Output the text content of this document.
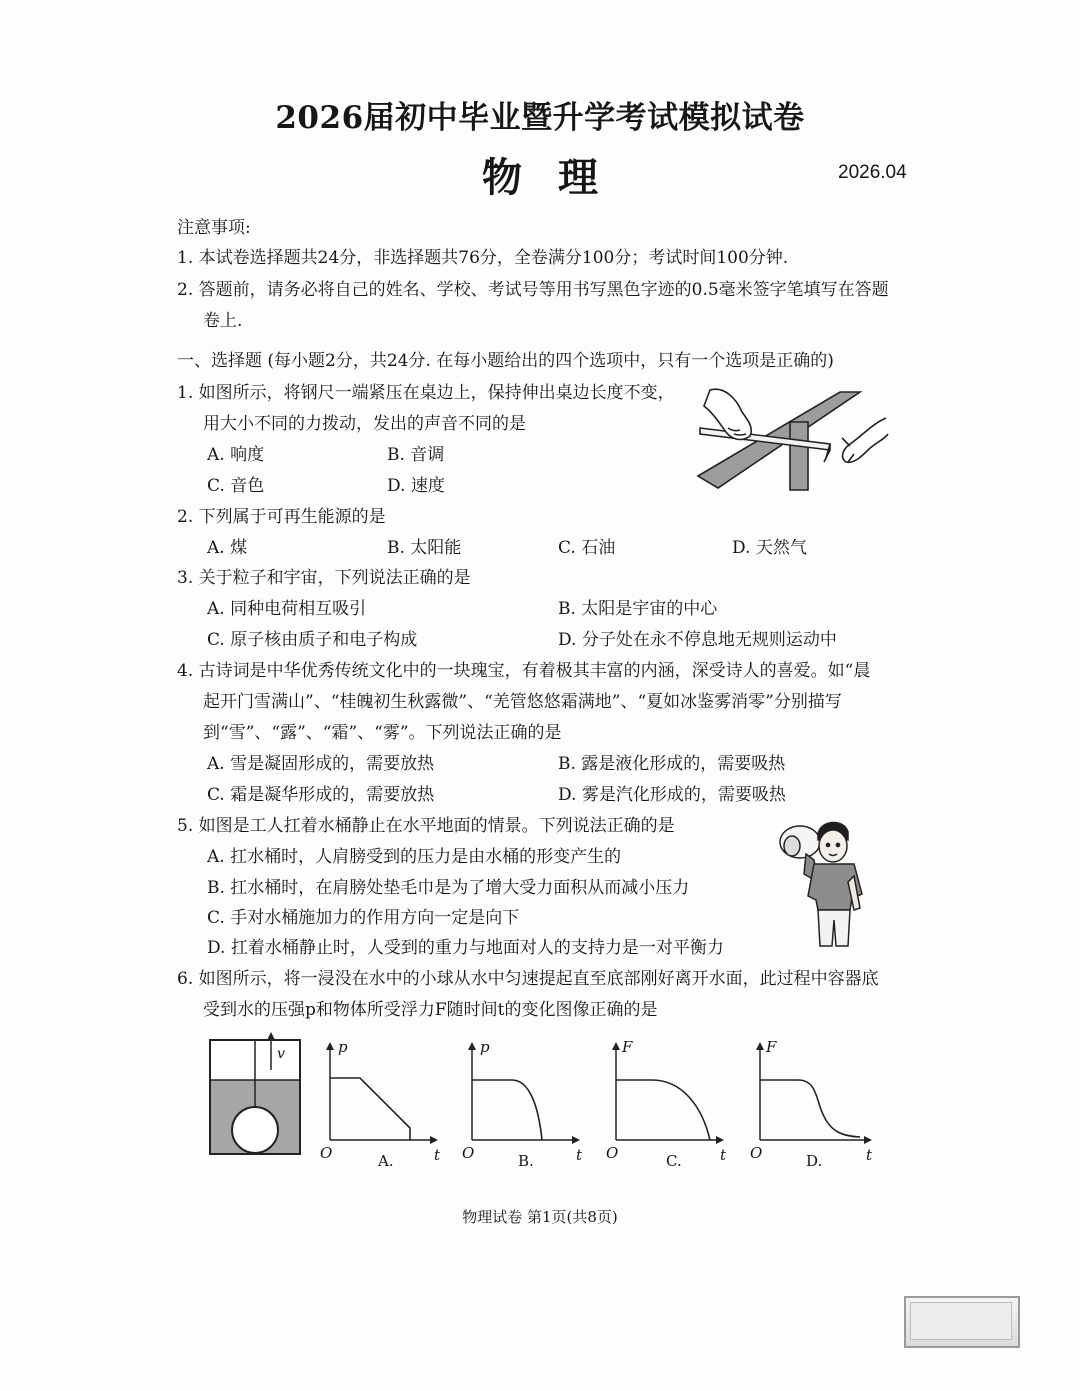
2026届初中毕业暨升学考试模拟试卷
物理	2026.04
注意事项:
1. 本试卷选择题共24分，非选择题共76分，全卷满分100分；考试时间100分钟.
2. 答题前，请务必将自己的姓名、学校、考试号等用书写黑色字迹的0.5毫米签字笔填写在答题
卷上.
一、选择题 (每小题2分，共24分. 在每小题给出的四个选项中，只有一个选项是正确的)
1. 如图所示，将钢尺一端紧压在桌边上，保持伸出桌边长度不变，
用大小不同的力拨动，发出的声音不同的是
A. 响度	B. 音调
C. 音色	D. 速度
2. 下列属于可再生能源的是
A. 煤	B. 太阳能	C. 石油	D. 天然气
3. 关于粒子和宇宙，下列说法正确的是
A. 同种电荷相互吸引	B. 太阳是宇宙的中心
C. 原子核由质子和电子构成	D. 分子处在永不停息地无规则运动中
4. 古诗词是中华优秀传统文化中的一块瑰宝，有着极其丰富的内涵，深受诗人的喜爱。如“晨
起开门雪满山”、“桂魄初生秋露微”、“羌管悠悠霜满地”、“夏如冰鉴雾消零”分别描写
到“雪”、“露”、“霜”、“雾”。下列说法正确的是
A. 雪是凝固形成的，需要放热	B. 露是液化形成的，需要吸热
C. 霜是凝华形成的，需要放热	D. 雾是汽化形成的，需要吸热
5. 如图是工人扛着水桶静止在水平地面的情景。下列说法正确的是
A. 扛水桶时，人肩膀受到的压力是由水桶的形变产生的
B. 扛水桶时，在肩膀处垫毛巾是为了增大受力面积从而减小压力
C. 手对水桶施加力的作用方向一定是向下
D. 扛着水桶静止时，人受到的重力与地面对人的支持力是一对平衡力
6. 如图所示，将一浸没在水中的小球从水中匀速提起直至底部刚好离开水面，此过程中容器底
受到水的压强p和物体所受浮力F随时间t的变化图像正确的是
v	p
t
O	A.
p
t
O	B.
F
t
O	C.
F
t
O	D.
物理试卷 第1页(共8页)
